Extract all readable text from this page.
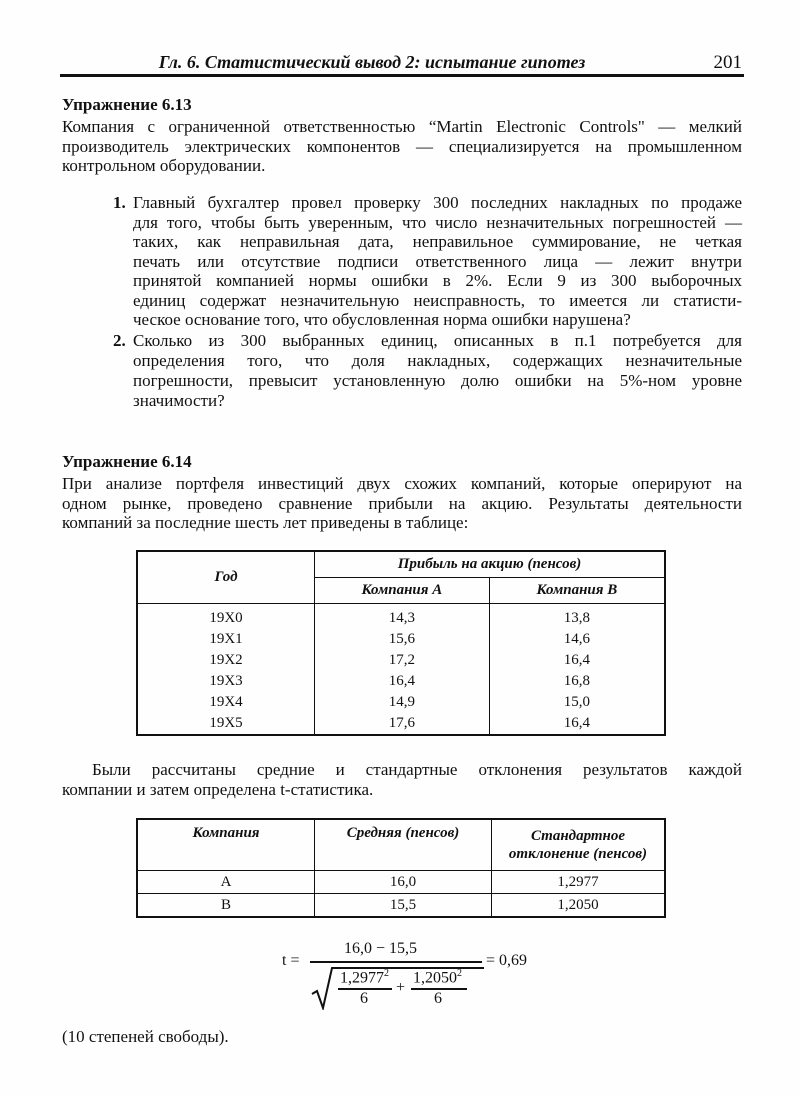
Гл. 6. Статистический вывод 2: испытание гипотез	201
Упражнение 6.13
Компания с ограниченной ответственностью “Martin Electronic Controls" — мелкий
производитель электрических компонентов — специализируется на промышленном
контрольном оборудовании.
1. Главный бухгалтер провел проверку 300 последних накладных по продаже
для того, чтобы быть уверенным, что число незначительных погрешностей —
таких, как неправильная дата, неправильное суммирование, не четкая
печать или отсутствие подписи ответственного лица — лежит внутри
принятой компанией нормы ошибки в 2%. Если 9 из 300 выборочных
единиц содержат незначительную неисправность, то имеется ли статисти-
ческое основание того, что обусловленная норма ошибки нарушена?
2. Сколько из 300 выбранных единиц, описанных в п.1 потребуется для
определения того, что доля накладных, содержащих незначительные
погрешности, превысит установленную долю ошибки на 5%-ном уровне
значимости?
Упражнение 6.14
При анализе портфеля инвестиций двух схожих компаний, которые оперируют на
одном рынке, проведено сравнение прибыли на акцию. Результаты деятельности
компаний за последние шесть лет приведены в таблице:
Год	Прибыль на акцию (пенсов)	
	Компания A	Компания B
19X0	14,3	13,8
19X1	15,6	14,6
19X2	17,2	16,4
19X3	16,4	16,8
19X4	14,9	15,0
19X5	17,6	16,4
Были рассчитаны средние и стандартные отклонения результатов каждой
компании и затем определена t-статистика.
Компания	Средняя (пенсов)	Стандартное
отклонение (пенсов)
A	16,0	1,2977
B	15,5	1,2050
t =
16,0 − 15,5
1,2977$^2$
6
+
$1,2050^2$
6
= 0,69
(10 степеней свободы).
